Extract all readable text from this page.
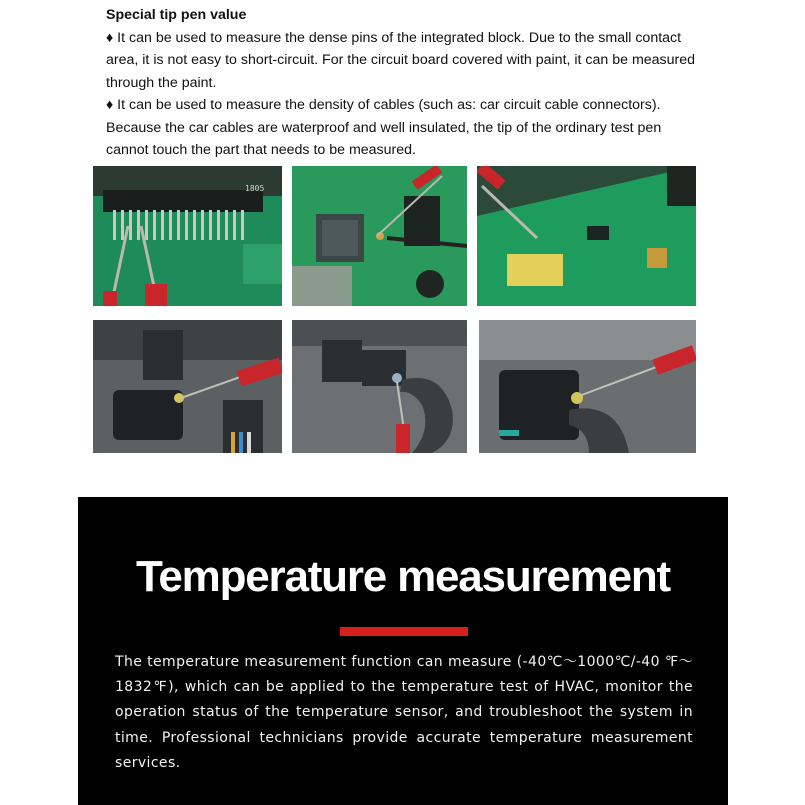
Special tip pen value

♦ It can be used to measure the dense pins of the integrated block. Due to the small contact area, it is not easy to short-circuit. For the circuit board covered with paint, it can be measured through the paint.

♦ It can be used to measure the density of cables (such as: car circuit cable connectors). Because the car cables are waterproof and well insulated, the tip of the ordinary test pen cannot touch the part that needs to be measured.

1805
Temperature measurement
The temperature measurement function can measure (-40℃～1000℃/-40 ℉～1832℉), which can be applied to the temperature test of HVAC, monitor the operation status of the temperature sensor, and troubleshoot the system in time. Professional technicians provide accurate temperature measurement services.
